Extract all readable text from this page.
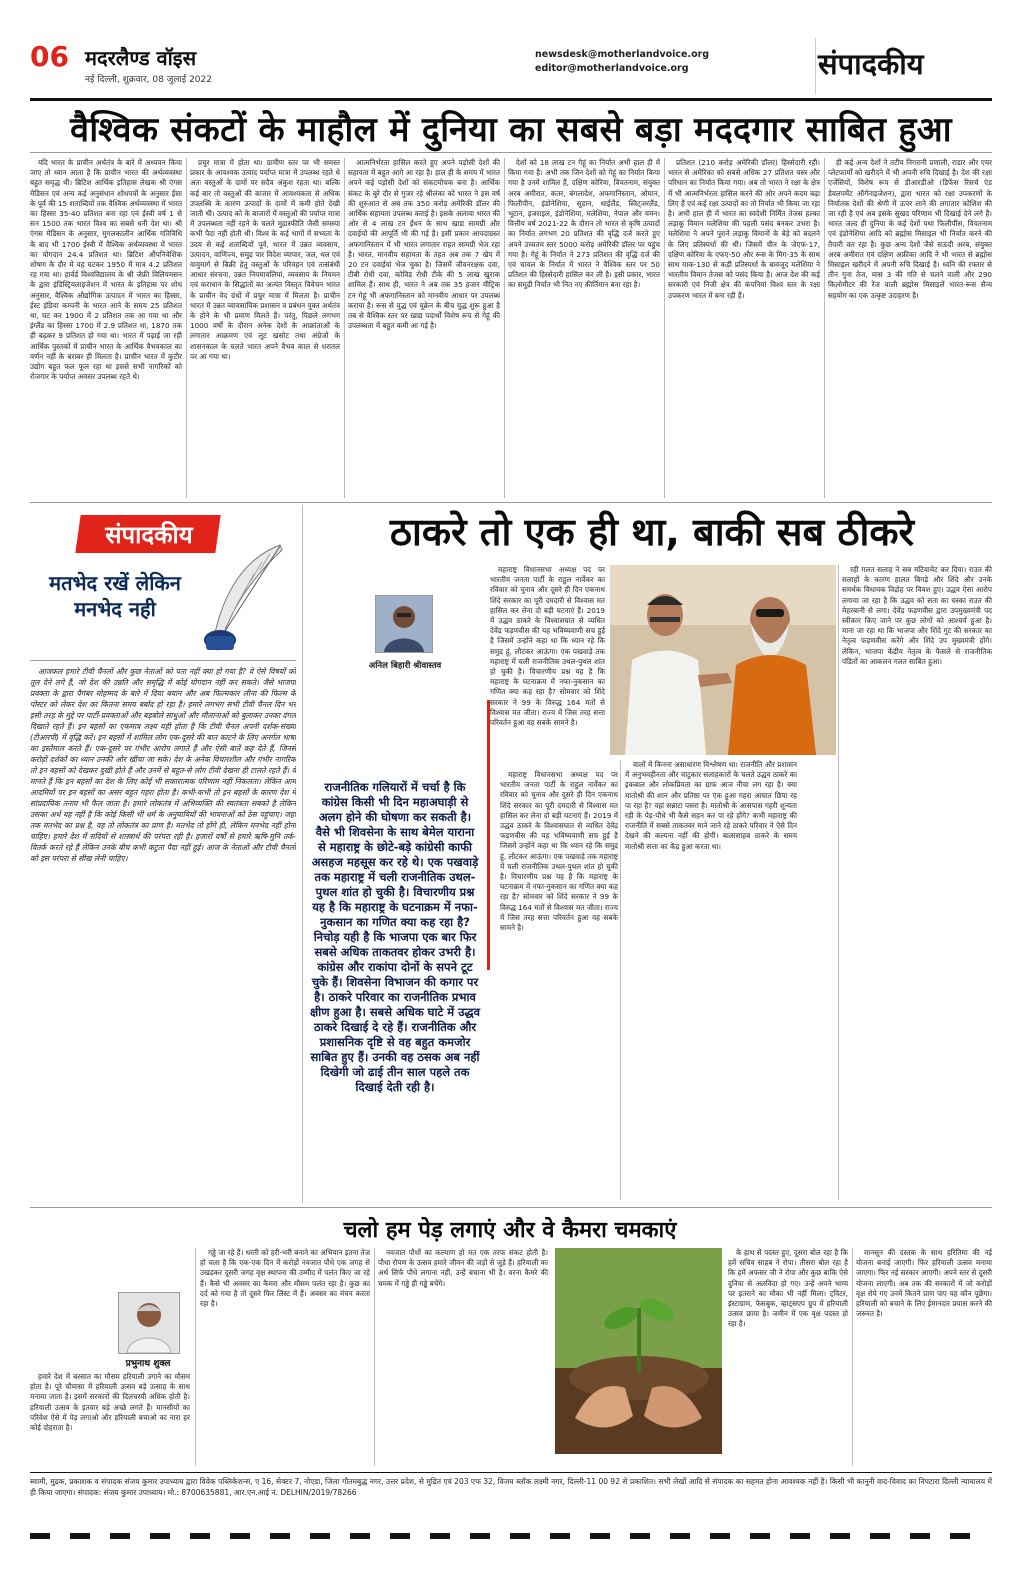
06 मदरलैण्ड वॉइस
नई दिल्ली, शुक्रवार, 08 जुलाई 2022
newsdesk@motherlandvoice.org
editor@motherlandvoice.org	संपादकीय
वैश्विक संकटों के माहौल में दुनिया का सबसे बड़ा मददगार साबित हुआ

यदि भारत के प्राचीन अर्थतंत्र के बारे में अध्ययन किया जाए तो ध्यान आता है कि प्राचीन भारत की अर्थव्यवस्था बहुत समृद्ध थी। ब्रिटिश आर्थिक इतिहास लेखक श्री एंगस मेडिसन एवं अन्य कई अनुसंधान शोधपत्रों के अनुसार ईसा के पूर्व की 15 शताब्दियों तक वैश्विक अर्थव्यवस्था में भारत का हिस्सा 35-40 प्रतिशत बना रहा एवं ईस्वी वर्ष 1 से सन 1500 तक भारत विश्व का सबसे धनी देश था। श्री एंगस मेडिसन के अनुसार, मुगलकालीन आर्थिक गतिविधि के बाद भी 1700 ईस्वी में वैश्विक अर्थव्यवस्था में भारत का योगदान 24.4 प्रतिशत था। ब्रिटिश औपनिवेशिक शोषण के दौर में यह घटकर 1950 में मात्र 4.2 प्रतिशत रह गया था। हार्वर्ड विश्वविद्यालय के श्री जेफ्री विलियमसन के द्वारा इंडिस्ट्रियलाइजेशन में भारत के इतिहास पर शोध अनुसार, वैश्विक औद्योगिक उत्पादन में भारत का हिस्सा, ईस्ट इंडिया कम्पनी के भारत आने के समय 25 प्रतिशत था, घट कर 1900 में 2 प्रतिशत तक आ गया था और इंग्लैंड का हिस्सा 1700 में 2.9 प्रतिशत था, 1870 तक ही बढ़कर 9 प्रतिशत हो गया था। भारत में पढ़ाई जा रही आर्थिक पुस्तकों में प्राचीन भारत के आर्थिक वैभवकाल का वर्णन नहीं के बराबर ही मिलता है। प्राचीन भारत में कुटीर उद्योग बहुत फल फूल रहा था इससे सभी नागरिकों को रोजगार के पर्याप्त अवसर उपलब्ध रहते थे।

प्रचुर मात्रा में होता था। ग्रामीण स्तर पर भी समस्त प्रकार के आवश्यक उत्पाद पर्याप्त मात्रा में उपलब्ध रहते थे अतः वस्तुओं के दामों पर सदैव अंकुश रहता था। बल्कि कई बार तो वस्तुओं की बाजार में आवश्यकता से अधिक उपलब्धि के कारण उत्पादों के दामों में कमी होते देखी जाती थी। उत्पाद को के बाजारों में वस्तुओं की पर्याप्त मात्रा में उपलब्धता नहीं रहने के चलते मुद्रास्फीति जैसी समस्या कभी पैदा नहीं होती थी। विश्व के कई भागों में सभ्यता के उदय से कई शताब्दियों पूर्व, भारत में उन्नत व्यवसाय, उत्पादन, वाणिज्य, समुद्र पार विदेश व्यापार, जल, थल एवं वायुमार्ग से बिक्री हेतु वस्तुओं के परिवहन एवं तत्संबंधी आधार संरचना, उन्नत नियमावलियां, व्यवसाय के नियमन एवं कराधान के सिद्धांतों का अत्यंत विस्तृत विवेचन भारत के प्राचीन वेद ग्रंथों में प्रचुर मात्रा में मिलता है। प्राचीन भारत में उन्नत व्यावसायिक प्रशासन व प्रबंधन युक्त अर्थतंत्र के होने के भी प्रमाण मिलते हैं। परंतु, पिछले लगभग 1000 वर्षों के दौरान अनेक देशों के आक्रांताओं के लगातार आक्रमण एवं लूट खसोट तथा अंग्रेजों के शासनकाल के चलते भारत अपने वैभव काल से धरातल पर आ गया था।

आत्मनिर्भरता हासिल करते हुए अपने पड़ोसी देशों की सहायता में बहुत आगे आ रहा है। हाल ही के समय में भारत अपने कई पड़ोसी देशों को संकटमोचक बना है। आर्थिक संकट के बुरे दौर से गुजर रहे श्रीलंका को भारत ने इस वर्ष की शुरुआत से अब तक 350 करोड़ अमेरिकी डॉलर की आर्थिक सहायता उपलब्ध कराई है। इसके अलावा भारत की ओर से 4 लाख टन ईंधन के साथ खाद्य सामग्री और दवाईयों की आपूर्ति भी की गई है। इसी प्रकार आपदाग्रस्त अफगानिस्तान में भी भारत लगातार राहत सामग्री भेज रहा है। भारत, मानवीय सहायता के तहत अब तक 7 खेप में 20 टन दवाईयां भेज चुका है। जिसमें जीवनरक्षक दवा, टीबी रोधी दवा, कोविड रोधी टीके की 5 लाख खुराक शामिल हैं। साथ ही, भारत ने अब तक 35 हजार मीट्रिक टन गेहूं भी अफगानिस्तान को मानवीय आधार पर उपलब्ध कराया है। रूस से युद्ध एवं यूक्रेन के बीच युद्ध शुरू हुआ है तब से वैश्विक स्तर पर खाद्य पदार्थों विशेष रूप से गेहूं की उपलब्धता में बहुत कमी आ गई है।

देशों को 18 लाख टन गेहूं का निर्यात अभी हाल ही में किया गया है। अभी तक जिन देशों को गेहूं का निर्यात किया गया है उनमें शामिल हैं, दक्षिण कोरिया, वियतनाम, संयुक्त अरब अमीरात, कतर, बंगलादेश, अफगानिस्तान, ओमान, फिलीपीन, इंडोनेशिया, सूडान, थाईलैंड, स्विट्जरलैंड, भूटान, इजराइल, इंडोनेशिया, मलेशिया, नेपाल और यमन। वित्तीय वर्ष 2021-22 के दौरान तो भारत से कृषि उत्पादों का निर्यात लगभग 20 प्रतिशत की वृद्धि दर्ज करते हुए अपने उच्चतम स्तर 5000 करोड़ अमेरिकी डॉलर पर पहुंच गया है। गेहूं के निर्यात ने 273 प्रतिशत की वृद्धि दर्ज की एवं चावल के निर्यात में भारत ने वैश्विक स्तर पर 50 प्रतिशत की हिस्सेदारी हासिल कर ली है। इसी प्रकार, भारत का समुद्री निर्यात भी नित नए कीर्तिमान बना रहा है।

प्रतिशत (210 करोड़ अमेरिकी डॉलर) हिस्सेदारी रही। भारत से अमेरिका को सबसे अधिक 27 प्रतिशत वस्त्र और परिधान का निर्यात किया गया। अब तो भारत ने रक्षा के क्षेत्र में भी आत्मनिर्भरता हासिल करने की ओर अपने कदम बढ़ा लिए हैं एवं कई रक्षा उत्पादों का तो निर्यात भी किया जा रहा है। अभी हाल ही में भारत का स्वदेशी निर्मित तेजस हल्का लड़ाकू विमान मलेशिया की पहली पसंद बनकर उभरा है। मलेशिया ने अपने पुराने लड़ाकू विमानों के बेड़े को बदलने के लिए प्रतिस्पर्धा की थी। जिसमें चीन के जेएफ-17, दक्षिण कोरिया के एफए-50 और रूस के मिग-35 के साथ साथ याक-130 से कड़ी प्रतिस्पर्धा के बावजूद मलेशिया ने भारतीय विमान तेजस को पसंद किया है। आज देश की कई सरकारी एवं निजी क्षेत्र की कंपनियां विश्व स्तर के रक्षा उपकरण भारत में बना रही हैं।

ही कई अन्य देशों ने तटीय निगरानी प्रणाली, राडार और एयर प्लेटफार्मों को खरीदने में भी अपनी रुचि दिखाई है। देश की रक्षा एजेंसियों, विशेष रूप से डीआरडीओ (डिफेंस रिसर्च एंड डेवलपमेंट ऑर्गनाइजेशन), द्वारा भारत को रक्षा उपकरणों के निर्यातक देशों की श्रेणी में ऊपर लाने की लगातार कोशिश की जा रही है एवं अब इसके सुखद परिणाम भी दिखाई देने लगे हैं। भारत जल्द ही दुनिया के कई देशों यथा फिलीपींस, वियतनाम एवं इंडोनेशिया आदि को ब्रह्मोस मिसाइल भी निर्यात करने की तैयारी कर रहा है। कुछ अन्य देशों जैसे सऊदी अरब, संयुक्त अरब अमीरात एवं दक्षिण अफ्रीका आदि ने भी भारत से ब्रह्मोस मिसाइल खरीदने में अपनी रुचि दिखाई है। ध्वनि की रफ्तार से तीन गुना तेज, मास 3 की गति से चलने वाली और 290 किलोमीटर की रेंज वाली ब्रह्मोस मिसाइलें भारत-रूस सैन्य सहयोग का एक उत्कृष्ट उदाहरण है।

संपादकीय
मतभेद रखें लेकिन मनभेद नही

आजकल हमारे टीवी चैनलों और कुछ नेताओं को पता नहीं क्या हो गया है? वे ऐसे विषयों को तूल देने लगे हैं, जो देश की उन्नति और समृद्धि में कोई योगदान नहीं कर सकते। जैसे भाजपा प्रवक्ता के द्वारा पैगंबर मोहम्मद के बारे में दिया बयान और अब फिल्मकार लीना की फिल्म के पोस्टर को लेकर देश का कितना समय बर्बाद हो रहा है। हमारे लगभग सभी टीवी चैनल दिन भर इसी तरह के मुद्दे पर पार्टी-प्रवक्ताओं और बड़बोले साधुओं और मौलानाओं को बुलाकर उनका दंगल दिखाते रहते हैं। इन बहसों का एकमात्र लक्ष्य यही होता है कि टीवी चैनल अपनी दर्शक-संख्या (टीआरपी) में वृद्धि करें। इन बहसों में शामिल लोग एक-दूसरे की बात काटने के लिए अनर्गल भाषा का इस्तेमाल करते हैं। एक-दूसरे पर गंभीर आरोप लगाते हैं और ऐसी बातें कह देते हैं, जिनसे करोड़ों दर्शकों का ध्यान उनकी ओर खींचा जा सके। देश के अनेक विचारशील और गंभीर नागरिक तो इन बहसों को देखकर दुखी होते हैं और उनमें से बहुत-से लोग टीवी देखना ही टालते रहते हैं। वे मानते हैं कि इन बहसों का देश के लिए कोई भी सकारात्मक परिणाम नहीं निकलता। लेकिन आम आदमियों पर इन बहसों का असर बहुत गहरा होता है। कभी-कभी तो इन बहसों के कारण देश में सांप्रदायिक तनाव भी फैल जाता है। हमारे लोकतंत्र में अभिव्यक्ति की स्वतंत्रता सबको है लेकिन उसका अर्थ यह नहीं है कि कोई किसी भी धर्म के अनुयायियों की भावनाओं को ठेस पहुंचाए। जहां तक मतभेद का प्रश्न है, वह तो लोकतंत्र का प्राण है। मतभेद तो होंगे ही, लेकिन मनभेद नहीं होना चाहिए। हमारे देश में सदियों से शास्त्रार्थ की परंपरा रही है। हजारों वर्षों से हमारे ऋषि-मुनि तर्क-वितर्क करते रहे हैं लेकिन उनके बीच कभी कटुता पैदा नहीं हुई। आज के नेताओं और टीवी चैनलों को इस परंपरा से सीख लेनी चाहिए।

ठाकरे तो एक ही था, बाकी सब ठीकरे
अनिल बिहारी श्रीवास्तव
राजनीतिक गलियारों में चर्चा है कि कांग्रेस किसी भी दिन महाअघाड़ी से अलग होने की घोषणा कर सकती है। वैसे भी शिवसेना के साथ बेमेल याराना से महाराष्ट्र के छोटे-बड़े कांग्रेसी काफी असहज महसूस कर रहे थे। एक पखवाड़े तक महाराष्ट्र में चली राजनीतिक उथल-पुथल शांत हो चुकी है। विचारणीय प्रश्न यह है कि महाराष्ट्र के घटनाक्रम में नफा-नुकसान का गणित क्या कह रहा है? निचोड़ यही है कि भाजपा एक बार फिर सबसे अधिक ताकतवर होकर उभरी है। कांग्रेस और राकांपा दोनों के सपने टूट चुके हैं। शिवसेना विभाजन की कगार पर है। ठाकरे परिवार का राजनीतिक प्रभाव क्षीण हुआ है। सबसे अधिक घाटे में उद्धव ठाकरे दिखाई दे रहे हैं। राजनीतिक और प्रशासनिक दृष्टि से वह बहुत कमजोर साबित हुए हैं। उनकी वह ठसक अब नहीं दिखेगी जो ढाई तीन साल पहले तक दिखाई देती रही है।

महाराष्ट्र विधानसभा अध्यक्ष पद पर भारतीय जनता पार्टी के राहुल नार्वेकर का रविवार को चुनाव और दूसरे ही दिन एकनाथ शिंदे सरकार का पूरी दमदारी से विश्वास मत हासिल कर लेना दो बड़ी घटनाएं हैं। 2019 में उद्धव ठाकरे के विश्वासघात से व्यथित देवेंद्र फड़णवीस की यह भविष्यवाणी सच हुई है जिसमें उन्होंने कहा था कि ध्यान रहे कि समुद्र हूं, लौटकर आऊंगा। एक पखवाड़े तक महाराष्ट्र में चली राजनीतिक उथल-पुथल शांत हो चुकी है। विचारणीय प्रश्न यह है कि महाराष्ट्र के घटनाक्रम में नफा-नुकसान का गणित क्या कह रहा है? सोमवार को शिंदे सरकार ने 99 के विरुद्ध 164 मतों से विश्वास मत जीता। राज्य में जिस तरह सत्ता परिवर्तन हुआ वह सबके सामने है।

महाराष्ट्र विधानसभा अध्यक्ष पद पर भारतीय जनता पार्टी के राहुल नार्वेकर का रविवार को चुनाव और दूसरे ही दिन एकनाथ शिंदे सरकार का पूरी दमदारी से विश्वास मत हासिल कर लेना दो बड़ी घटनाएं हैं। 2019 में उद्धव ठाकरे के विश्वासघात से व्यथित देवेंद्र फड़णवीस की यह भविष्यवाणी सच हुई है जिसमें उन्होंने कहा था कि ध्यान रहे कि समुद्र हूं, लौटकर आऊंगा। एक पखवाड़े तक महाराष्ट्र में चली राजनीतिक उथल-पुथल शांत हो चुकी है। विचारणीय प्रश्न यह है कि महाराष्ट्र के घटनाक्रम में नफा-नुकसान का गणित क्या कह रहा है? सोमवार को शिंदे सरकार ने 99 के विरुद्ध 164 मतों से विश्वास मत जीता। राज्य में जिस तरह सत्ता परिवर्तन हुआ वह सबके सामने है।

वालों में किनना असाधारण विश्लेषण था। राजनीति और प्रशासन में अनुभवहीनता और चाटुकार सलाहकारों के चलते उद्धव ठाकरे का इकबाल और लोकप्रियता का ग्राफ आज नीचा लग रहा है। क्या मातोश्री की शान और प्रतिष्ठा पर एक हुआ गहरा आघात छिपा रह पा रहा है? वहां सन्नाटा पसरा है। मातोश्री के आसपास गहरी शून्यता रही के पेड़-पौधे भी कैसे सहन कर पा रहे होंगे? कभी महाराष्ट्र की राजनीति में सबसे ताकतवर माने जाने रहे ठाकरे परिवार ने ऐसे दिन देखने की कल्पना नहीं की होगी। बालासाहब ठाकरे के समय मातोश्री सत्ता का केंद्र हुआ करता था।

रही गलत सलाह ने सब मटियामेट कर दिया। राउत की सलाहों के कारण हालत बिगड़े और शिंदे और उनके समर्थक विधायक विद्रोह पर विवश हुए। उद्धव ऐसा आरोप लगाया जा रहा है कि उद्धव को सता का चस्का राउत की मेहरबानी से लगा। देवेंद्र फड़णवीस द्वारा उपमुख्यमंत्री पद स्वीकार किए जाने पर कुछ लोगों को आश्चर्य हुआ है। माना जा रहा था कि भाजपा और शिंदे गुट की सरकार का नेतृत्व फड़णवीस करेंगे और शिंदे उप मुख्यमंत्री होंगे। लेकिन, भाजपा केंद्रीय नेतृत्व के फैसले से राजनीतिक पंडितों का आकलन गलत साबित हुआ।

चलो हम पेड़ लगाएं और वे कैमरा चमकाएं
प्रभुनाथ शुक्ल

हमारे देश में बरसात का मौसम हरियाली उगाने का मौसम होता है। पूरे चौमासा में हरियाली उत्सव बड़े उत्साह के साथ मनाया जाता है। इसमें सरकारों की दिलचस्पी अधिक होती है। हरियाली उत्सव के इतवार बड़े अच्छे लगते हैं। मानसीयों का परिवेश ऐसे में पेड़ लगाओ और हरियाली बचाओ का नारा हर कोई दोहराता है।

गड्ढे जा रहे हैं। धरती को हरी-भरी बनाने का अभियान इतना तेज हो चला है कि एक-एक दिन में करोड़ों नवजात पौधे एक जगह से उखड़कर दूसरी जगह वृक्ष स्थापना की उम्मीद में पलंत किए जा रहे हैं। कैसे भी अवसर का कैमरा और मौसम पलंत रहा है। कुछ का दर्द को गया है तो दूसरे फिर लिस्ट में हैं। अवसर का मंचन करता रहा है।

नवजात पौधों का कल्याण हो मत एक तरफ संकट होती है। पौधा रोपण के उत्सव हमारे जीवन की जड़ों से जुड़े हैं। हरियाली का अर्थ सिर्फ पौधे लगाना नहीं, उन्हें बचाना भी है। वरना कैमरे की चमक में गड्ढे ही गड्ढे बचेंगे।

के हाथ से पदस्त हुए, दूसरा बोल रहा है कि हमें सचिव साहब ने रोपा। तीसरा बोल रहा है कि हमें अफसर जी ने रोपा और कुछ बाकि ऐसे दुनिया से अलविदा हो गए। उन्हें अपने भाग्य पर इतराने का मौका भी नहीं मिला। ट्विटर, इंस्टाग्राम, फेसबुक, व्हाट्सएप ग्रुप में हरियाली उत्सव छाया है। जमीन में एक वृक्ष पदस्त हो रहा है।

मानसून की दस्तक के साथ हरितिमा की नई योजना बनाई जाएगी। फिर हरियाली उत्सव मनाया जाएगा। फिर नई सरकार आएगी। अपने स्तर से दूसरी योजना लाएगी। अब तक की सरकारों में जो करोड़ों वृक्ष रोपे गए उनमें कितने प्राण पाए यह कौन पूछेगा। हरियाली को बचाने के लिए ईमानदार प्रयास करने की जरूरत है।

स्वामी, मुद्रक, प्रकाशक व संपादक संजय कुमार उपाध्याय द्वारा विवेक पब्लिकेशन्स, ए 16, सेक्टर 7, नोएडा, जिला गौतमबुद्ध नगर, उत्तर प्रदेश, से मुद्रित एवं 203 एफ 32, विजय ब्लॉक लक्ष्मी नगर, दिल्ली-11 00 92 से प्रकाशित। सभी लेखों आदि से संपादक का सहमत होना आवश्यक नहीं है। किसी भी कानूनी वाद-विवाद का निपटारा दिल्ली न्यायालय में ही किया जाएगा। संपादक: संजय कुमार उपाध्याय। मो.: 8700635881, आर.एन.आई नं. DELHIN/2019/78266
